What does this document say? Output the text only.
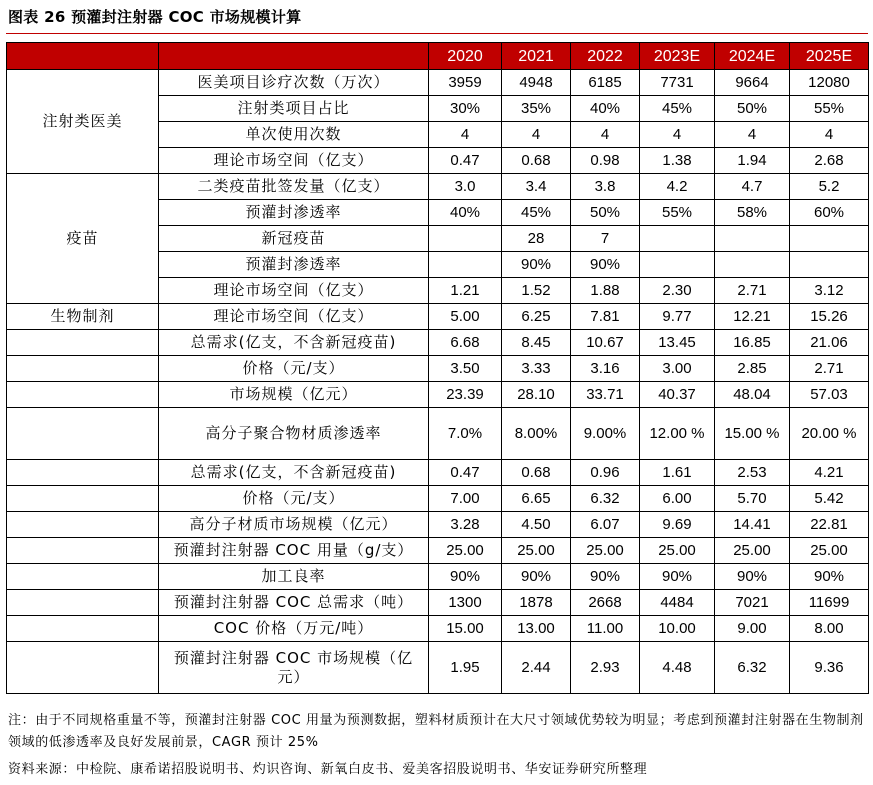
图表 26 预灌封注射器 COC 市场规模计算
		2020	2021	2022	2023E	2024E	2025E
注射类医美	医美项目诊疗次数（万次）	3959	4948	6185	7731	9664	12080
	注射类项目占比	30%	35%	40%	45%	50%	55%
	单次使用次数	4	4	4	4	4	4
	理论市场空间（亿支）	0.47	0.68	0.98	1.38	1.94	2.68
疫苗	二类疫苗批签发量（亿支）	3.0	3.4	3.8	4.2	4.7	5.2
	预灌封渗透率	40%	45%	50%	55%	58%	60%
	新冠疫苗		28	7			
	预灌封渗透率		90%	90%			
	理论市场空间（亿支）	1.21	1.52	1.88	2.30	2.71	3.12
生物制剂	理论市场空间（亿支）	5.00	6.25	7.81	9.77	12.21	15.26
	总需求(亿支，不含新冠疫苗)	6.68	8.45	10.67	13.45	16.85	21.06
	价格（元/支）	3.50	3.33	3.16	3.00	2.85	2.71
	市场规模（亿元）	23.39	28.10	33.71	40.37	48.04	57.03
	高分子聚合物材质渗透率	7.0%	8.00%	9.00%	12.00 %	15.00 %	20.00 %
	总需求(亿支，不含新冠疫苗)	0.47	0.68	0.96	1.61	2.53	4.21
	价格（元/支）	7.00	6.65	6.32	6.00	5.70	5.42
	高分子材质市场规模（亿元）	3.28	4.50	6.07	9.69	14.41	22.81
	预灌封注射器 COC 用量（g/支）	25.00	25.00	25.00	25.00	25.00	25.00
	加工良率	90%	90%	90%	90%	90%	90%
	预灌封注射器 COC 总需求（吨）	1300	1878	2668	4484	7021	11699
	COC 价格（万元/吨）	15.00	13.00	11.00	10.00	9.00	8.00
	预灌封注射器 COC 市场规模（亿元）	1.95	2.44	2.93	4.48	6.32	9.36
注：由于不同规格重量不等，预灌封注射器 COC 用量为预测数据，塑料材质预计在大尺寸领域优势较为明显；考虑到预灌封注射器在生物制剂领域的低渗透率及良好发展前景，CAGR 预计 25%
资料来源：中检院、康希诺招股说明书、灼识咨询、新氧白皮书、爱美客招股说明书、华安证券研究所整理
